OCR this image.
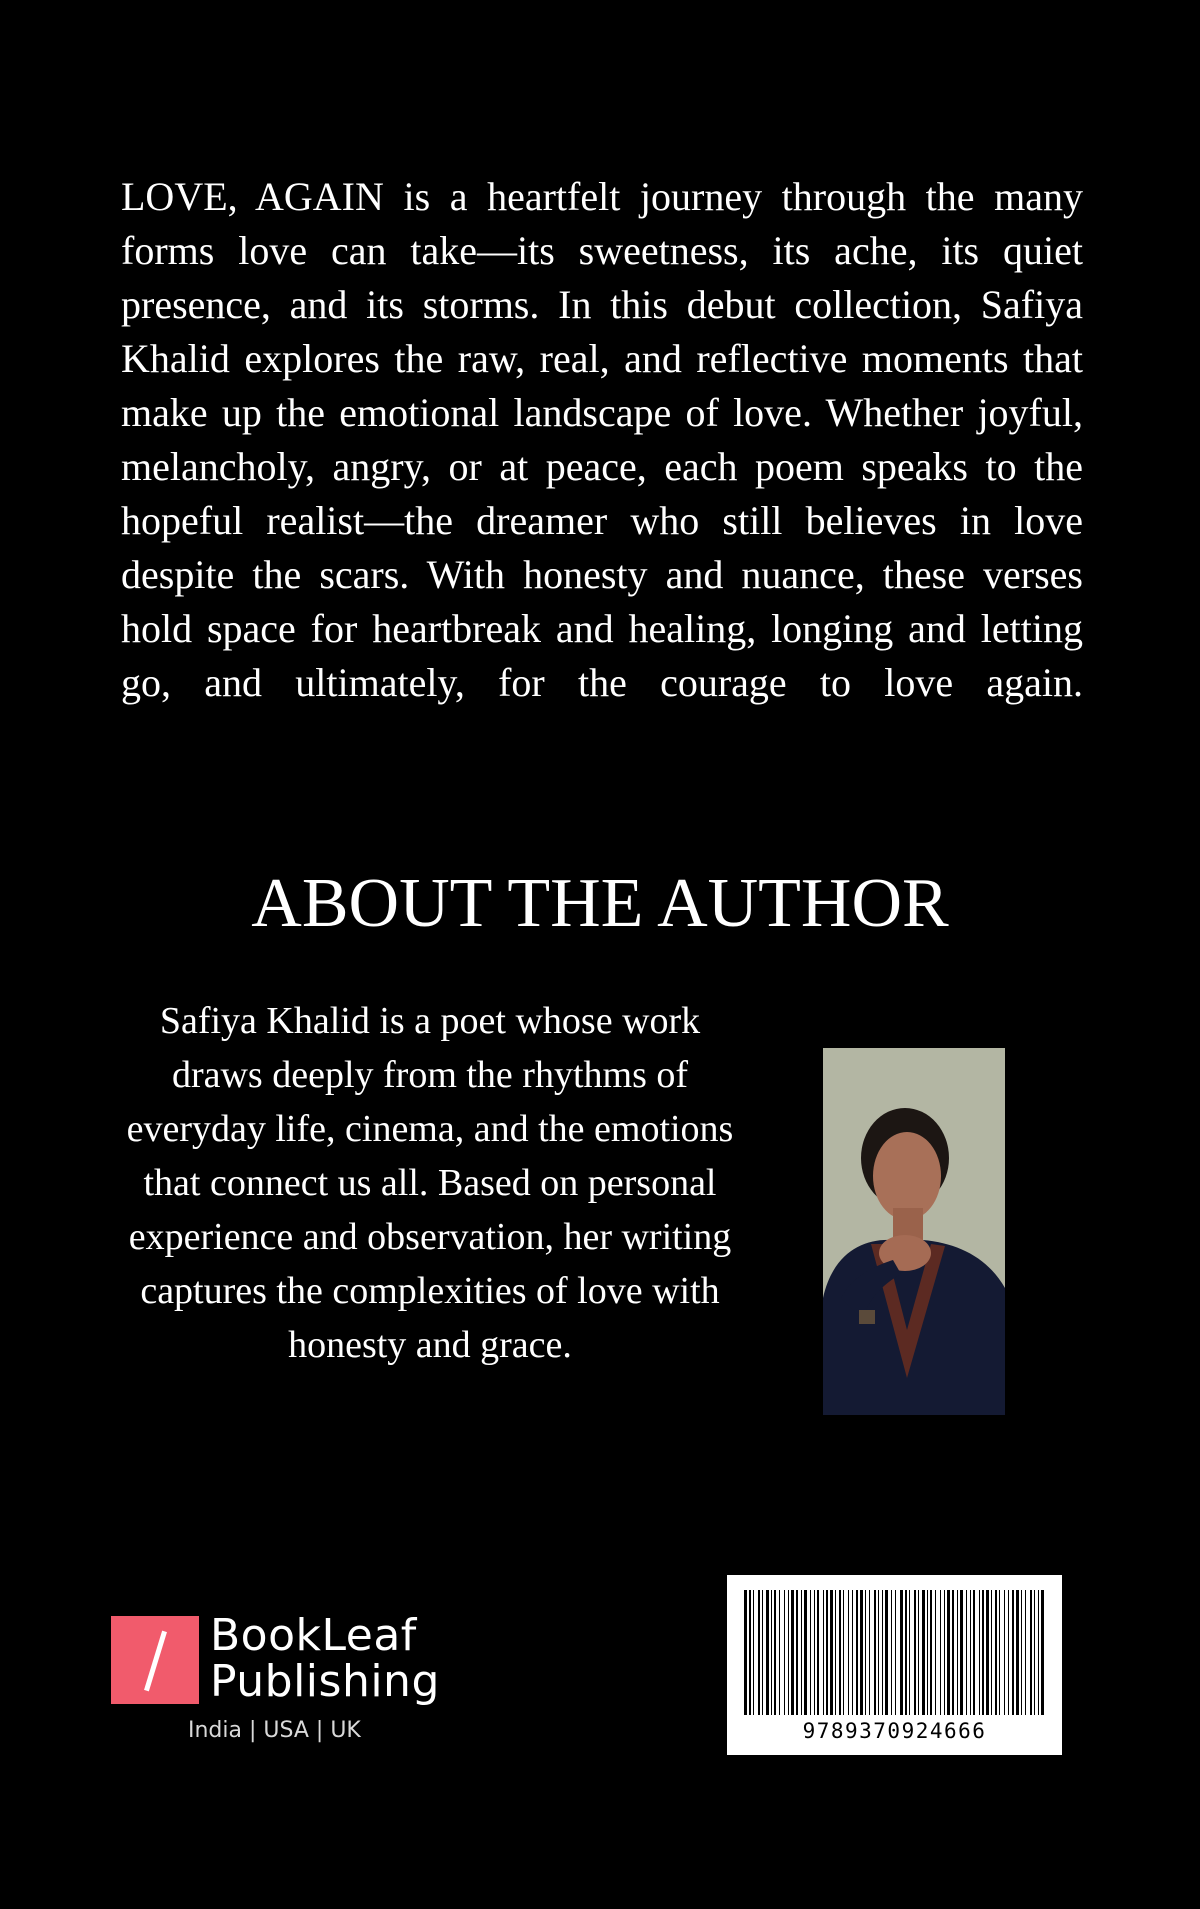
LOVE, AGAIN is a heartfelt journey through the many forms love can take—its sweetness, its ache, its quiet presence, and its storms. In this debut collection, Safiya Khalid explores the raw, real, and reflective moments that make up the emotional landscape of love. Whether joyful, melancholy, angry, or at peace, each poem speaks to the hopeful realist—the dreamer who still believes in love despite the scars. With honesty and nuance, these verses hold space for heartbreak and healing, longing and letting go, and ultimately, for the courage to love again.

ABOUT THE AUTHOR

Safiya Khalid is a poet whose work draws deeply from the rhythms of everyday life, cinema, and the emotions that connect us all. Based on personal experience and observation, her writing captures the complexities of love with honesty and grace.

BookLeaf
Publishing
India | USA | UK	9789370924666
